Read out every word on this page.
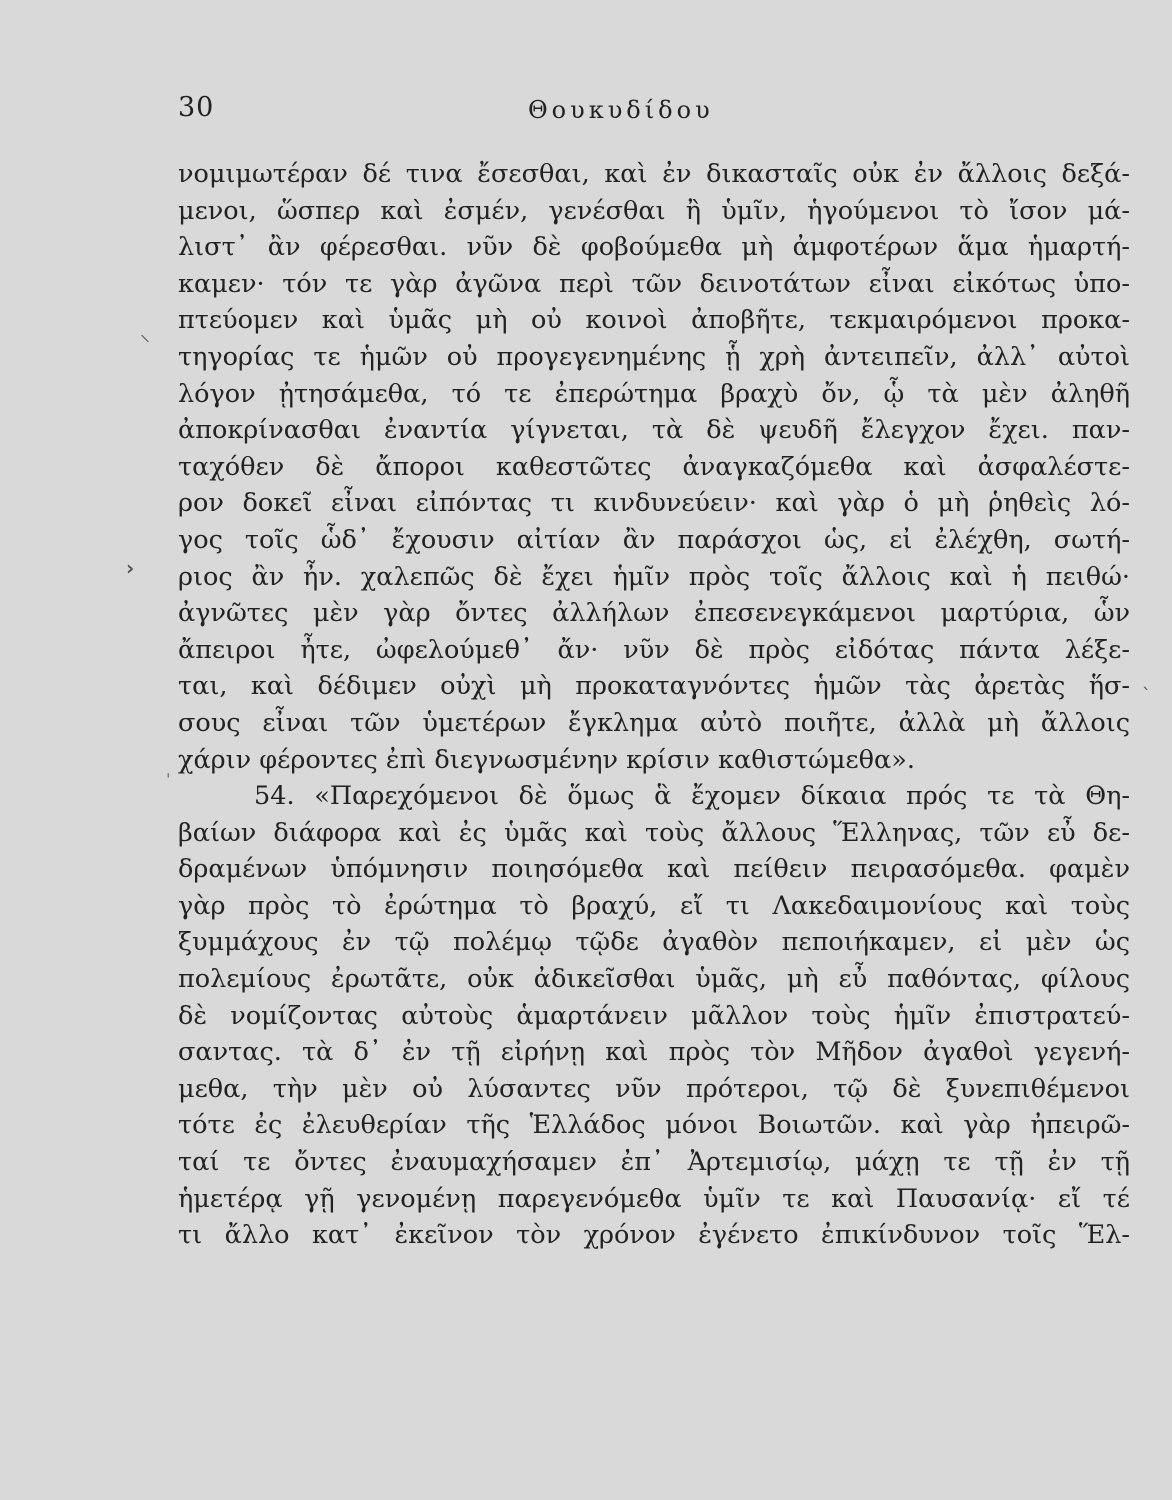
30	Θουκυδίδου
⸌
›
ˎ
ˌ
νομιμωτέραν δέ τινα ἔσεσθαι, καὶ ἐν δικασταῖς οὐκ ἐν ἄλλοις δεξά-
μενοι, ὥσπερ καὶ ἐσμέν, γενέσθαι ἢ ὑμῖν, ἡγούμενοι τὸ ἴσον μά-
λιστ᾽ ἂν φέρεσθαι. νῦν δὲ φοβούμεθα μὴ ἀμφοτέρων ἅμα ἡμαρτή-
καμεν· τόν τε γὰρ ἀγῶνα περὶ τῶν δεινοτάτων εἶναι εἰκότως ὑπο-
πτεύομεν καὶ ὑμᾶς μὴ οὐ κοινοὶ ἀποβῆτε, τεκμαιρόμενοι προκα-
τηγορίας τε ἡμῶν οὐ προγεγενημένης ᾗ χρὴ ἀντειπεῖν, ἀλλ᾽ αὐτοὶ
λόγον ᾐτησάμεθα, τό τε ἐπερώτημα βραχὺ ὄν, ᾧ τὰ μὲν ἀληθῆ
ἀποκρίνασθαι ἐναντία γίγνεται, τὰ δὲ ψευδῆ ἔλεγχον ἔχει. παν-
ταχόθεν δὲ ἄποροι καθεστῶτες ἀναγκαζόμεθα καὶ ἀσφαλέστε-
ρον δοκεῖ εἶναι εἰπόντας τι κινδυνεύειν· καὶ γὰρ ὁ μὴ ῥηθεὶς λό-
γος τοῖς ὧδ᾽ ἔχουσιν αἰτίαν ἂν παράσχοι ὡς, εἰ ἐλέχθη, σωτή-
ριος ἂν ἦν. χαλεπῶς δὲ ἔχει ἡμῖν πρὸς τοῖς ἄλλοις καὶ ἡ πειθώ·
ἀγνῶτες μὲν γὰρ ὄντες ἀλλήλων ἐπεσενεγκάμενοι μαρτύρια, ὧν
ἄπειροι ἦτε, ὠφελούμεθ᾽ ἄν· νῦν δὲ πρὸς εἰδότας πάντα λέξε-
ται, καὶ δέδιμεν οὐχὶ μὴ προκαταγνόντες ἡμῶν τὰς ἀρετὰς ἥσ-
σους εἶναι τῶν ὑμετέρων ἔγκλημα αὐτὸ ποιῆτε, ἀλλὰ μὴ ἄλλοις
χάριν φέροντες ἐπὶ διεγνωσμένην κρίσιν καθιστώμεθα».
54. «Παρεχόμενοι δὲ ὅμως ἃ ἔχομεν δίκαια πρός τε τὰ Θη-
βαίων διάφορα καὶ ἐς ὑμᾶς καὶ τοὺς ἄλλους Ἕλληνας, τῶν εὖ δε-
δραμένων ὑπόμνησιν ποιησόμεθα καὶ πείθειν πειρασόμεθα. φαμὲν
γὰρ πρὸς τὸ ἐρώτημα τὸ βραχύ, εἴ τι Λακεδαιμονίους καὶ τοὺς
ξυμμάχους ἐν τῷ πολέμῳ τῷδε ἀγαθὸν πεποιήκαμεν, εἰ μὲν ὡς
πολεμίους ἐρωτᾶτε, οὐκ ἀδικεῖσθαι ὑμᾶς, μὴ εὖ παθόντας, φίλους
δὲ νομίζοντας αὐτοὺς ἁμαρτάνειν μᾶλλον τοὺς ἡμῖν ἐπιστρατεύ-
σαντας. τὰ δ᾽ ἐν τῇ εἰρήνῃ καὶ πρὸς τὸν Μῆδον ἀγαθοὶ γεγενή-
μεθα, τὴν μὲν οὐ λύσαντες νῦν πρότεροι, τῷ δὲ ξυνεπιθέμενοι
τότε ἐς ἐλευθερίαν τῆς Ἑλλάδος μόνοι Βοιωτῶν. καὶ γὰρ ἠπειρῶ-
ταί τε ὄντες ἐναυμαχήσαμεν ἐπ᾽ Ἀρτεμισίῳ, μάχῃ τε τῇ ἐν τῇ
ἡμετέρᾳ γῇ γενομένῃ παρεγενόμεθα ὑμῖν τε καὶ Παυσανίᾳ· εἴ τέ
τι ἄλλο κατ᾽ ἐκεῖνον τὸν χρόνον ἐγένετο ἐπικίνδυνον τοῖς Ἕλ-
